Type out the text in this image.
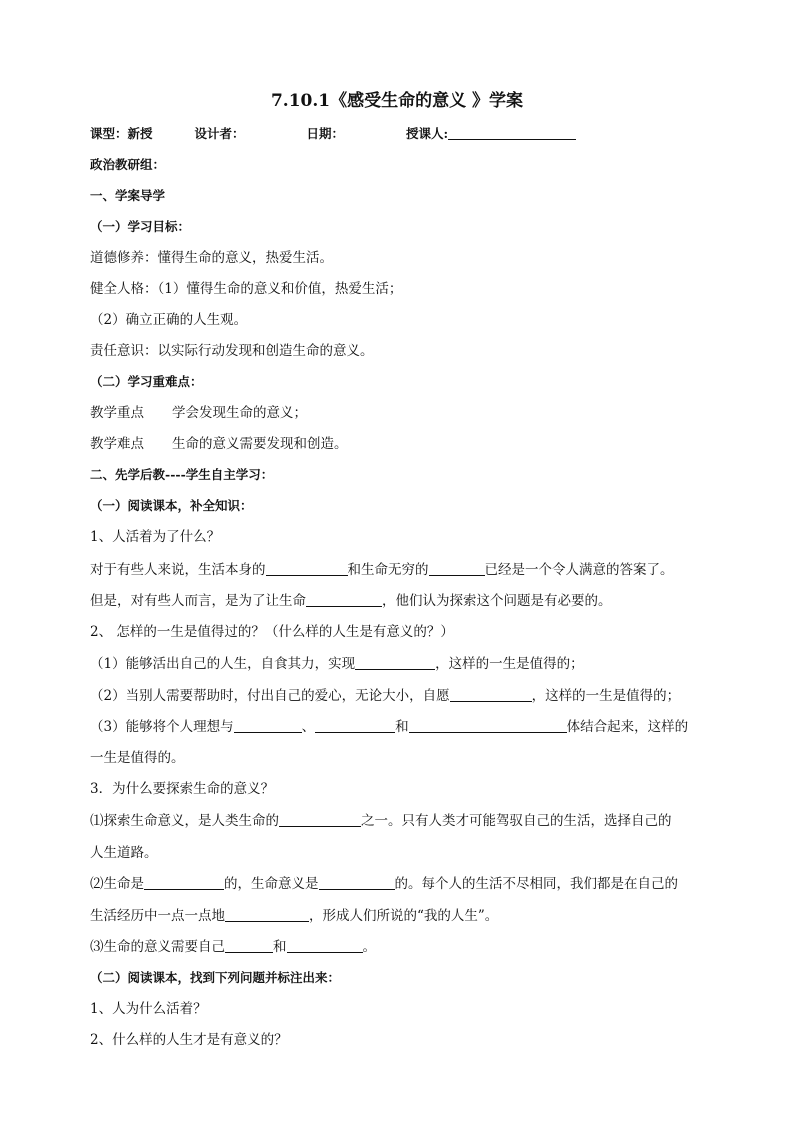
7.10.1《感受生命的意义 》学案
课型：新授	设计者：	日期：	授课人:
政治教研组：
一、学案导学
（一）学习目标：
道德修养：懂得生命的意义，热爱生活。
健全人格：（1）懂得生命的意义和价值，热爱生活；
（2）确立正确的人生观。
责任意识：以实际行动发现和创造生命的意义。
（二）学习重难点：
教学重点 学会发现生命的意义；
教学难点 生命的意义需要发现和创造。
二、先学后教----学生自主学习：
（一）阅读课本，补全知识：
1、人活着为了什么？
对于有些人来说，生活本身的	和生命无穷的	已经是一个令人满意的答案了。
但是，对有些人而言，是为了让生命	，他们认为探索这个问题是有必要的。
2、 怎样的一生是值得过的？（什么样的人生是有意义的？）
（1）能够活出自己的人生，自食其力，实现	，这样的一生是值得的；
（2）当别人需要帮助时，付出自己的爱心，无论大小，自愿	，这样的一生是值得的；
（3）能够将个人理想与	、	和	体结合起来，这样的
一生是值得的。
3．为什么要探索生命的意义？
⑴探索生命意义，是人类生命的	之一。只有人类才可能驾驭自己的生活，选择自己的
人生道路。
⑵生命是	的，生命意义是	的。每个人的生活不尽相同，我们都是在自己的
生活经历中一点一点地	，形成人们所说的“我的人生”。
⑶生命的意义需要自己	和	。
（二）阅读课本，找到下列问题并标注出来：
1、人为什么活着？
2、什么样的人生才是有意义的？
